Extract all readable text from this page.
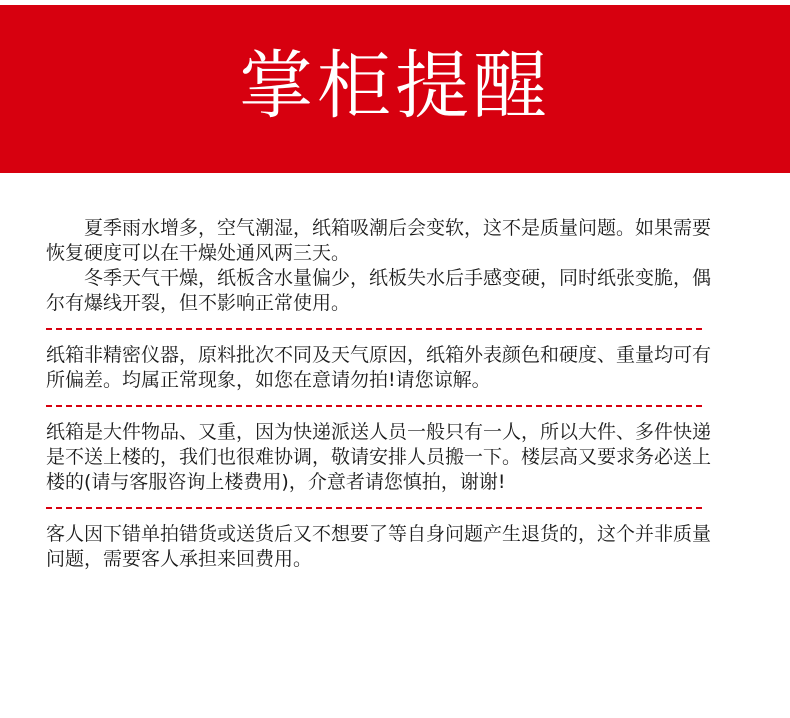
掌柜提醒

夏季雨水增多，空气潮湿，纸箱吸潮后会变软，这不是质量问题。如果需要恢复硬度可以在干燥处通风两三天。

冬季天气干燥，纸板含水量偏少，纸板失水后手感变硬，同时纸张变脆，偶尔有爆线开裂，但不影响正常使用。

纸箱非精密仪器，原料批次不同及天气原因，纸箱外表颜色和硬度、重量均可有所偏差。均属正常现象，如您在意请勿拍!请您谅解。

纸箱是大件物品、又重，因为快递派送人员一般只有一人，所以大件、多件快递是不送上楼的，我们也很难协调，敬请安排人员搬一下。楼层高又要求务必送上楼的(请与客服咨询上楼费用)，介意者请您慎拍，谢谢!

客人因下错单拍错货或送货后又不想要了等自身问题产生退货的，这个并非质量问题，需要客人承担来回费用。
